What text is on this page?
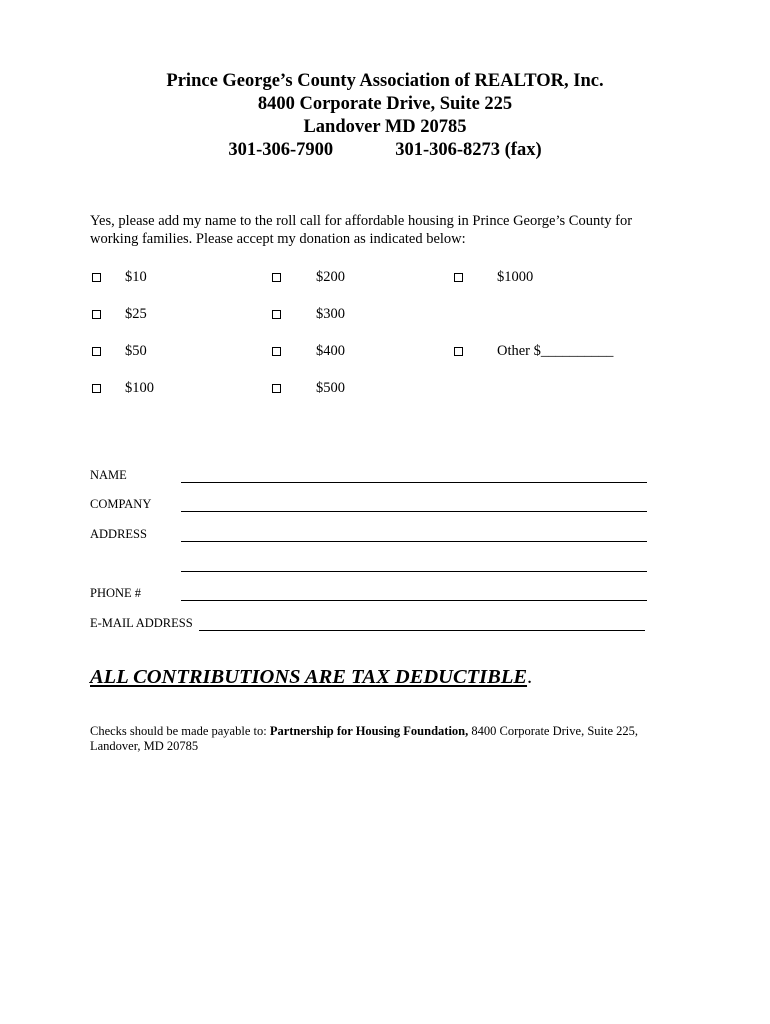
Prince George’s County Association of REALTOR, Inc.
8400 Corporate Drive, Suite 225
Landover MD 20785
301-306-7900	301-306-8273 (fax)
Yes, please add my name to the roll call for affordable housing in Prince George’s County for
working families. Please accept my donation as indicated below:
$10
$25
$50
$100
$200
$300
$400
$500
$1000
Other $__________
NAME
COMPANY
ADDRESS
PHONE #
E-MAIL ADDRESS
ALL CONTRIBUTIONS ARE TAX DEDUCTIBLE.
Checks should be made payable to: Partnership for Housing Foundation, 8400 Corporate Drive, Suite 225,
Landover, MD 20785
